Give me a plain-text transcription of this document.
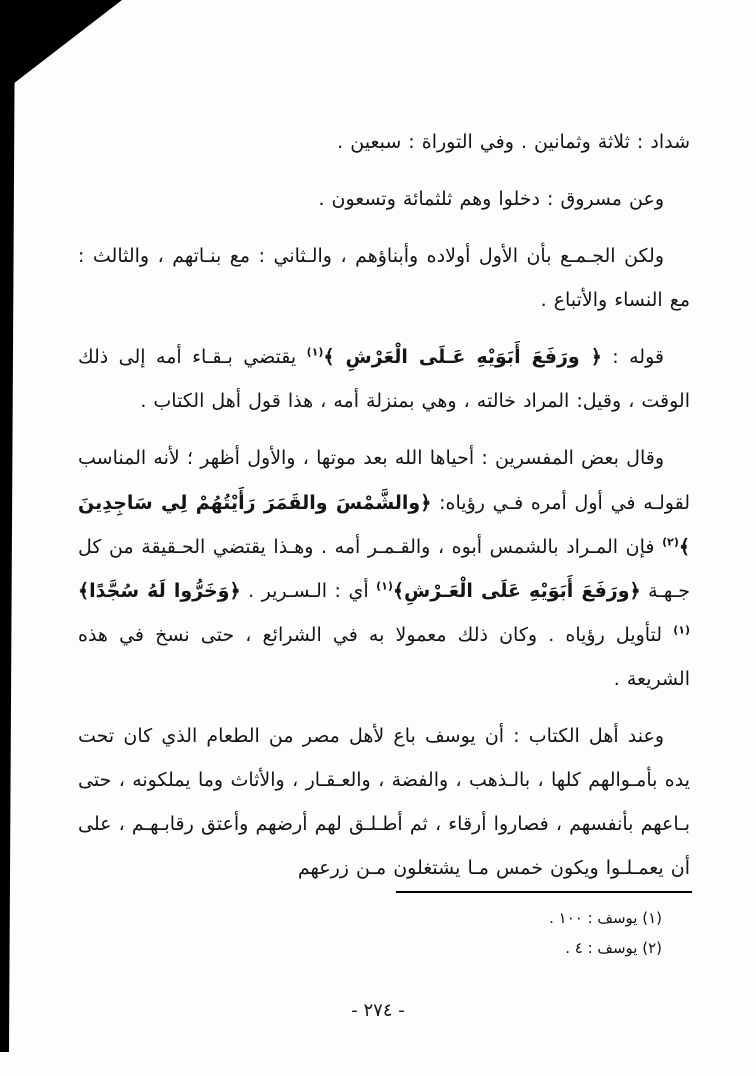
شداد : ثلاثة وثمانين . وفي التوراة : سبعين .

وعن مسروق : دخلوا وهم ثلثمائة وتسعون .

ولكن الجـمـع بأن الأول أولاده وأبناؤهم ، والـثاني : مع بنـاتهم ، والثالث : مع النساء والأتباع .

قوله : ﴿ ورَفَعَ أَبَوَيْهِ عَـلَى الْعَرْشِ ﴾$^{(١)}$ يقتضي بـقـاء أمه إلى ذلك الوقت ، وقيل: المراد خالته ، وهي بمنزلة أمه ، هذا قول أهل الكتاب .

وقال بعض المفسرين : أحياها الله بعد موتها ، والأول أظهر ؛ لأنه المناسب لقولـه في أول أمره فـي رؤياه: ﴿والشَّمْسَ والقَمَرَ رَأَيْتُهُمْ لِي سَاجِدِينَ ﴾$^{(٢)}$ فإن المـراد بالشمس أبوه ، والقـمـر أمه . وهـذا يقتضي الحـقيقة من كل جـهـة ﴿ورَفَعَ أَبَوَيْهِ عَلَى الْعَـرْشِ﴾$^{(١)}$ أي : الـسـرير . ﴿وَخَرُّوا لَهُ سُجَّدًا﴾$^{(١)}$ لتأويل رؤياه . وكان ذلك معمولا به في الشرائع ، حتى نسخ في هذه الشريعة .

وعند أهل الكتاب : أن يوسف باع لأهل مصر من الطعام الذي كان تحت يده بأمـوالهم كلها ، بالـذهب ، والفضة ، والعـقـار ، والأثاث وما يملكونه ، حتى بـاعهم بأنفسهم ، فصاروا أرقاء ، ثم أطـلـق لهم أرضهم وأعتق رقابـهـم ، على أن يعمـلـوا ويكون خمس مـا يشتغلون مـن زرعهم

(١) يوسف : ١٠٠ .
(٢) يوسف : ٤ .
- ٢٧٤ -
